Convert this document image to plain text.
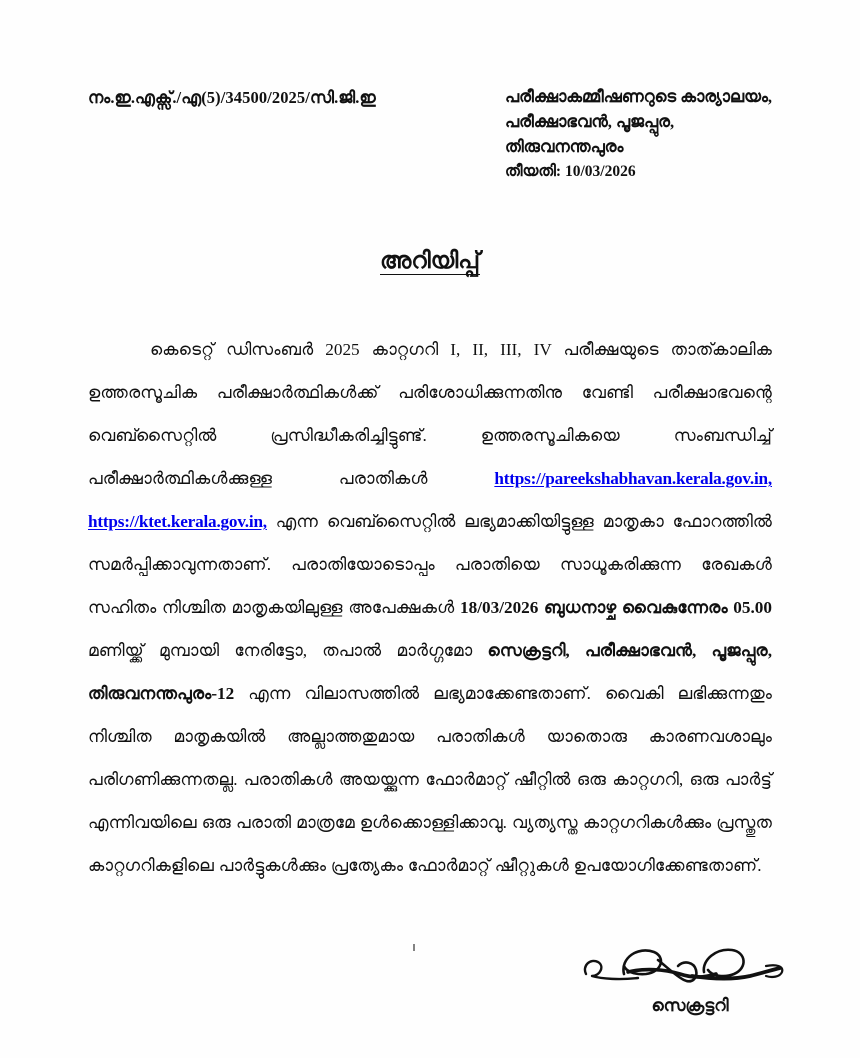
നം.ഇ.എക്സ്./എ(5)/34500/2025/സി.ജി.ഇ	പരീക്ഷാകമ്മീഷണറുടെ കാര്യാലയം,
പരീക്ഷാഭവൻ, പൂജപ്പുര,
തിരുവനന്തപുരം
തീയതി: 10/03/2026
അറിയിപ്പ്

കെടെറ്റ് ഡിസംബർ 2025 കാറ്റഗറി I, II, III, IV പരീക്ഷയുടെ താത്കാലിക ഉത്തരസൂചിക പരീക്ഷാർത്ഥികൾക്ക് പരിശോധിക്കുന്നതിനു വേണ്ടി പരീക്ഷാഭവന്റെ വെബ്സൈറ്റിൽ പ്രസിദ്ധീകരിച്ചിട്ടുണ്ട്. ഉത്തരസൂചികയെ സംബന്ധിച്ച് പരീക്ഷാർത്ഥികൾക്കുള്ള പരാതികൾ https://pareekshabhavan.kerala.gov.in, https://ktet.kerala.gov.in, എന്ന വെബ്സൈറ്റിൽ ലഭ്യമാക്കിയിട്ടുള്ള മാതൃകാ ഫോറത്തിൽ സമർപ്പിക്കാവുന്നതാണ്. പരാതിയോടൊപ്പം പരാതിയെ സാധൂകരിക്കുന്ന രേഖകൾ സഹിതം നിശ്ചിത മാതൃകയിലുള്ള അപേക്ഷകൾ 18/03/2026 ബുധനാഴ്ച വൈകുന്നേരം 05.00 മണിയ്ക്ക് മുമ്പായി നേരിട്ടോ, തപാൽ മാർഗ്ഗമോ സെക്രട്ടറി, പരീക്ഷാഭവൻ, പൂജപ്പുര, തിരുവനന്തപുരം-12 എന്ന വിലാസത്തിൽ ലഭ്യമാക്കേണ്ടതാണ്. വൈകി ലഭിക്കുന്നതും നിശ്ചിത മാതൃകയിൽ അല്ലാത്തതുമായ പരാതികൾ യാതൊരു കാരണവശാലും പരിഗണിക്കുന്നതല്ല. പരാതികൾ അയയ്ക്കുന്ന ഫോർമാറ്റ് ഷീറ്റിൽ ഒരു കാറ്റഗറി, ഒരു പാർട്ട് എന്നിവയിലെ ഒരു പരാതി മാത്രമേ ഉൾക്കൊള്ളിക്കാവു. വ്യത്യസ്ത കാറ്റഗറികൾക്കും പ്രസ്തുത കാറ്റഗറികളിലെ പാർട്ടുകൾക്കും പ്രത്യേകം ഫോർമാറ്റ് ഷീറ്റുകൾ ഉപയോഗിക്കേണ്ടതാണ്.

സെക്രട്ടറി
